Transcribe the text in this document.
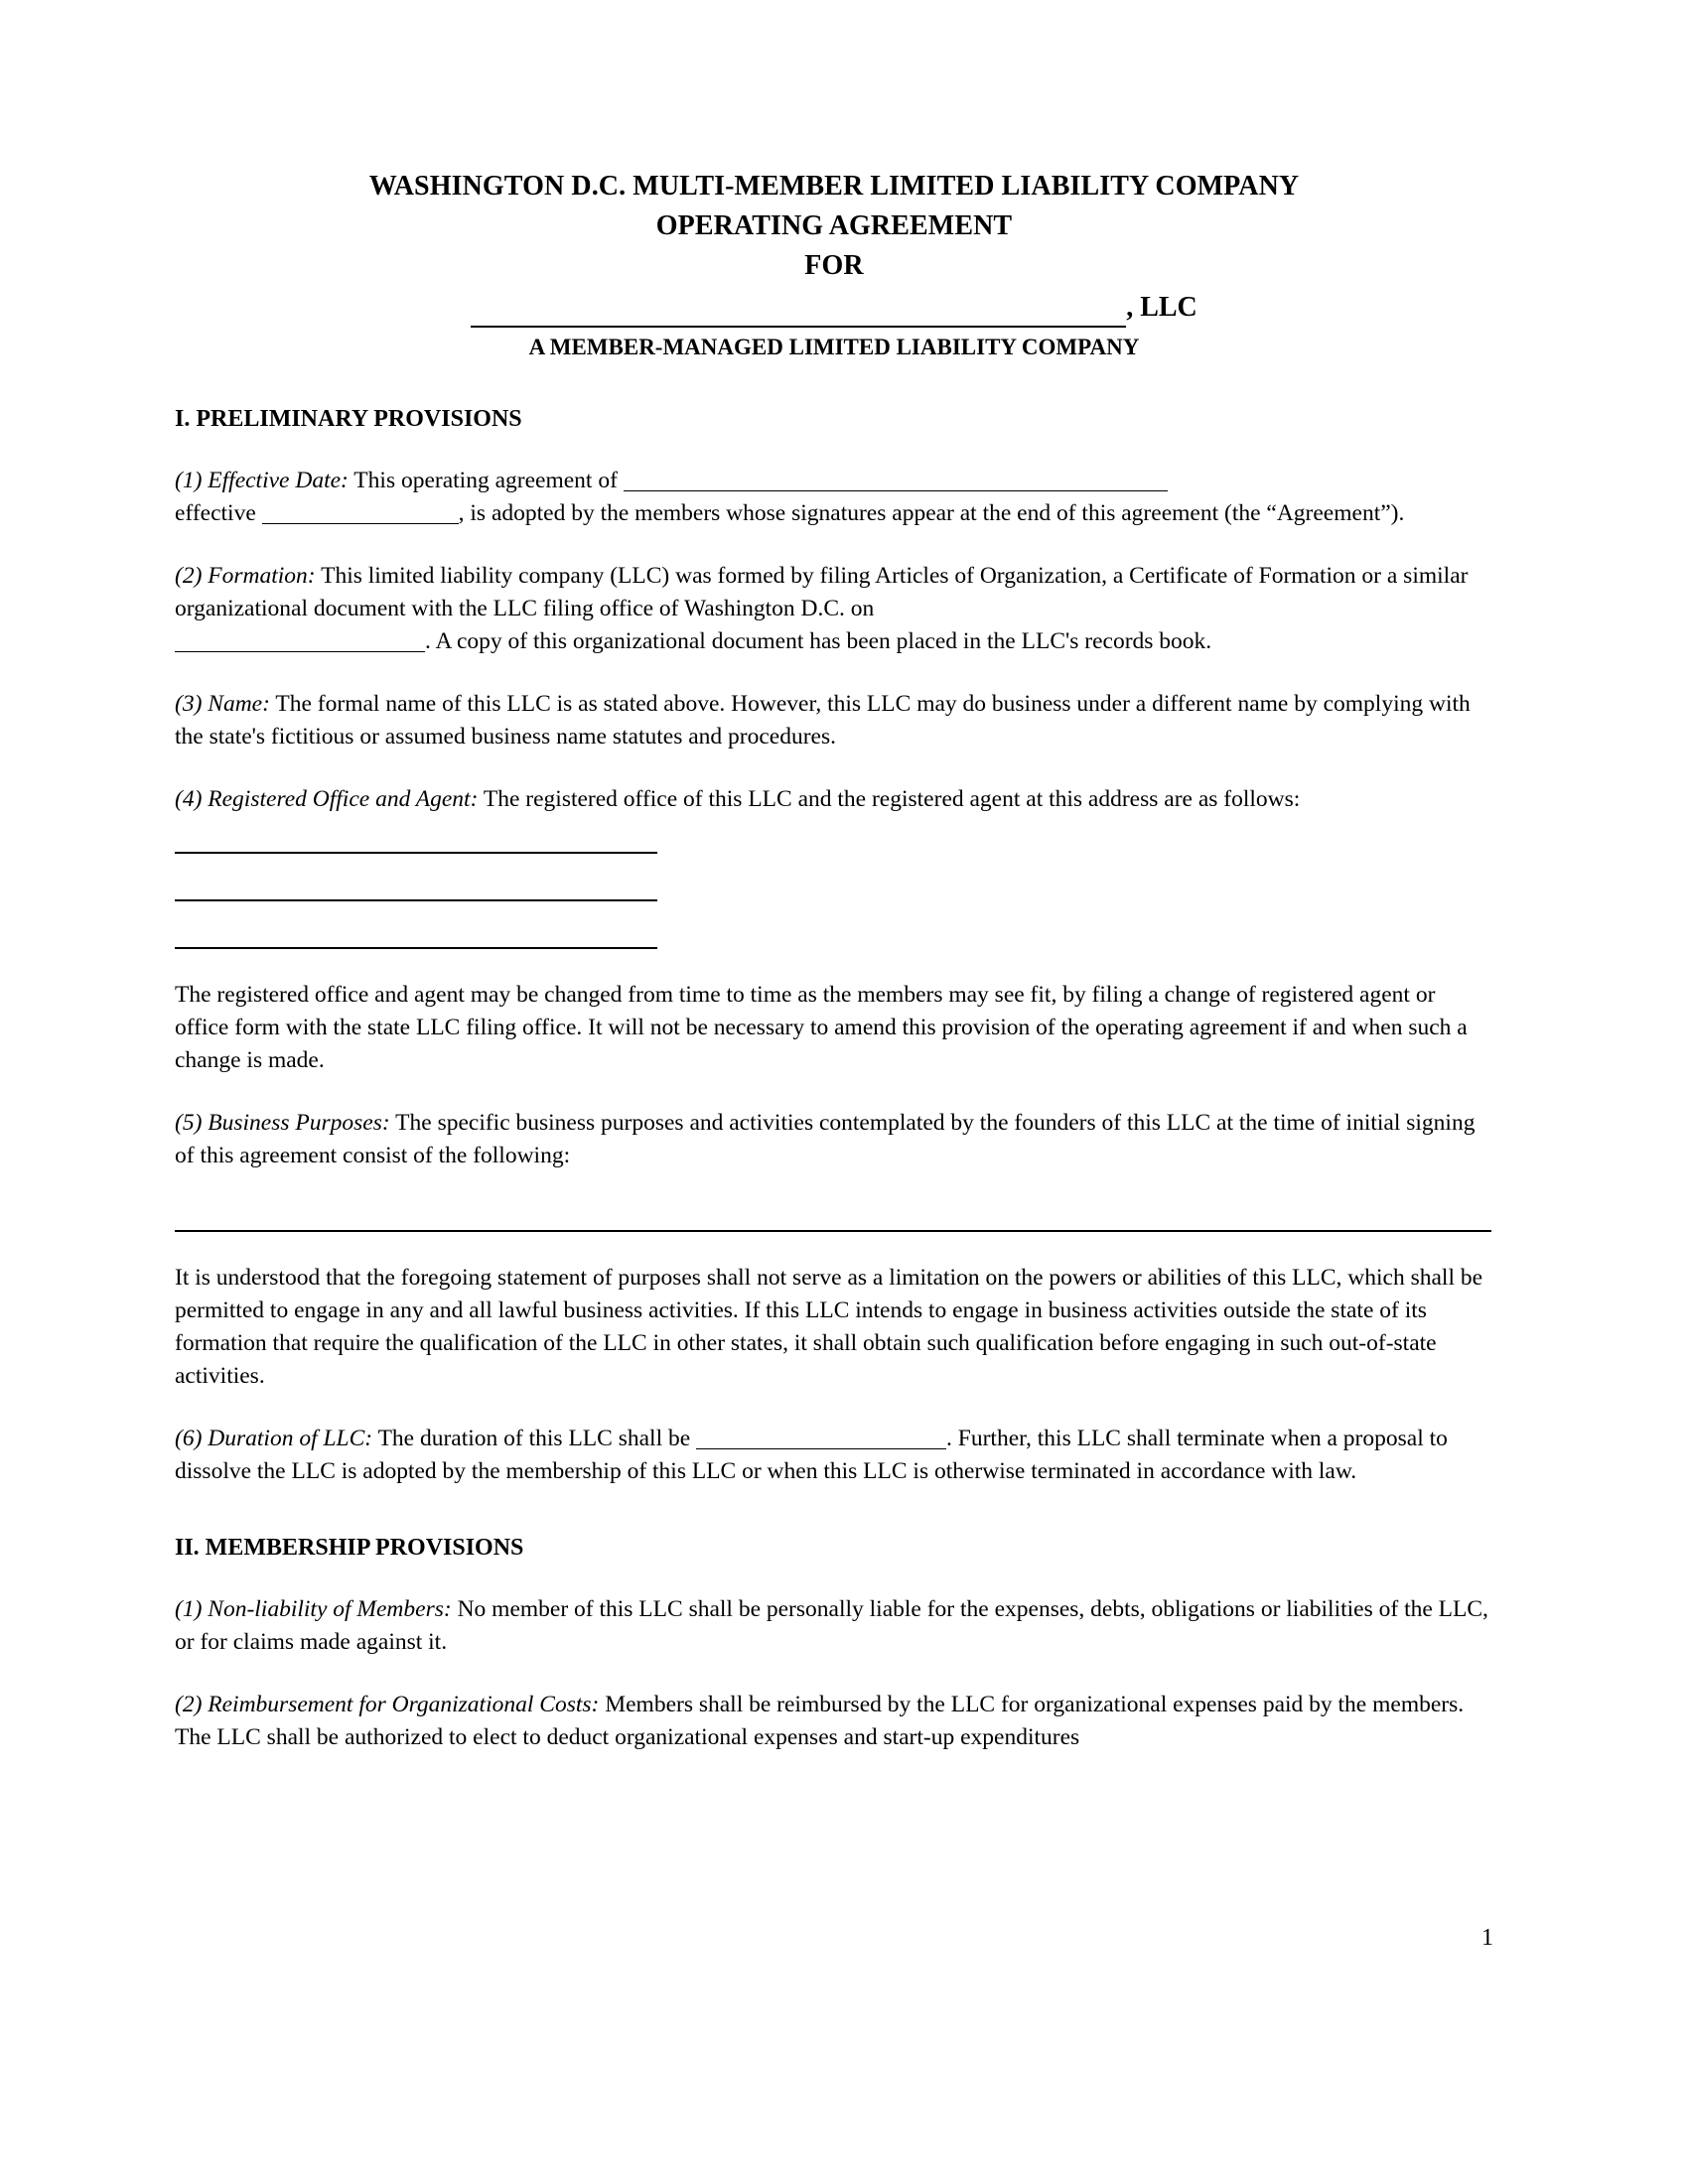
WASHINGTON D.C. MULTI-MEMBER LIMITED LIABILITY COMPANY
OPERATING AGREEMENT
FOR
, LLC
A MEMBER-MANAGED LIMITED LIABILITY COMPANY
I. PRELIMINARY PROVISIONS

(1) Effective Date: This operating agreement of
effective	, is adopted by the members whose signatures appear at the end of this agreement (the “Agreement”).

(2) Formation: This limited liability company (LLC) was formed by filing Articles of Organization, a Certificate of Formation or a similar organizational document with the LLC filing office of Washington D.C. on
. A copy of this organizational document has been placed in the LLC's records book.

(3) Name: The formal name of this LLC is as stated above. However, this LLC may do business under a different name by complying with the state's fictitious or assumed business name statutes and procedures.

(4) Registered Office and Agent: The registered office of this LLC and the registered agent at this address are as follows:

The registered office and agent may be changed from time to time as the members may see fit, by filing a change of registered agent or office form with the state LLC filing office. It will not be necessary to amend this provision of the operating agreement if and when such a change is made.

(5) Business Purposes: The specific business purposes and activities contemplated by the founders of this LLC at the time of initial signing of this agreement consist of the following:

It is understood that the foregoing statement of purposes shall not serve as a limitation on the powers or abilities of this LLC, which shall be permitted to engage in any and all lawful business activities. If this LLC intends to engage in business activities outside the state of its formation that require the qualification of the LLC in other states, it shall obtain such qualification before engaging in such out-of-state activities.

(6) Duration of LLC: The duration of this LLC shall be	. Further, this LLC shall terminate when a proposal to dissolve the LLC is adopted by the membership of this LLC or when this LLC is otherwise terminated in accordance with law.

II. MEMBERSHIP PROVISIONS

(1) Non-liability of Members: No member of this LLC shall be personally liable for the expenses, debts, obligations or liabilities of the LLC, or for claims made against it.

(2) Reimbursement for Organizational Costs: Members shall be reimbursed by the LLC for organizational expenses paid by the members. The LLC shall be authorized to elect to deduct organizational expenses and start-up expenditures

1
